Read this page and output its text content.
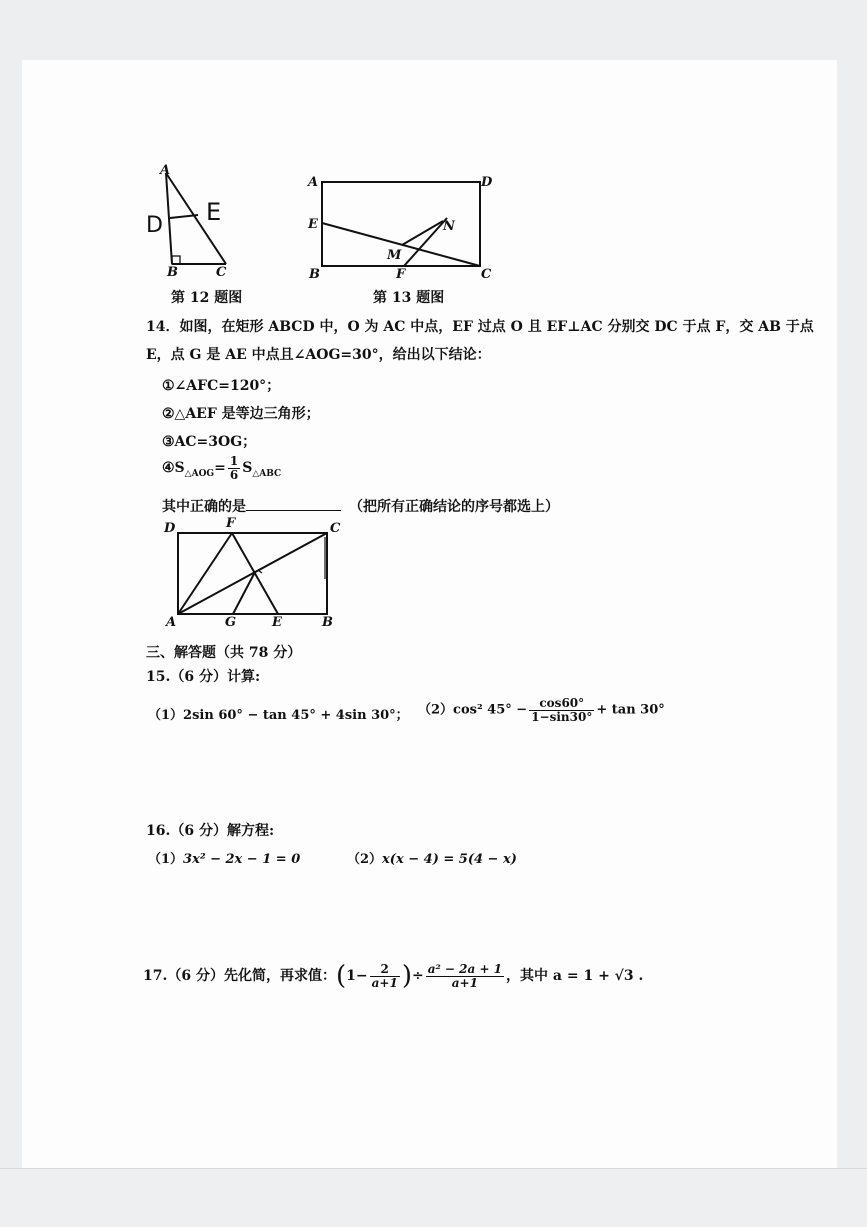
A
B	C
D E
第 12 题图
A	D
E	N
M
B	F	C
第 13 题图
14．如图，在矩形 ABCD 中，O 为 AC 中点，EF 过点 O 且 EF⊥AC 分别交 DC 于点 F，交 AB 于点
E，点 G 是 AE 中点且∠AOG=30°，给出以下结论：
①∠AFC=120°；
②△AEF 是等边三角形；
③AC=3OG；
$④S_{\triangle AOG}= \frac{1}{6} S_{\triangle ABC}$
其中正确的是	（把所有正确结论的序号都选上）
D	F	C
A	G	E	B
三、解答题（共 78 分）
15.（6 分）计算:
（1）2sin 60° − tan 45° + 4sin 30°； （2）cos² $45^\circ - \frac{\cos 60^\circ}{1-\sin 30^\circ} + \tan 30^\circ$
16.（6 分）解方程:
（1）3x² − 2x − 1 = 0	（2）x(x − 4) = 5(4 − x)
17.（6 分）先化简，再求值：($1- \frac{2}{a+1}$ )÷ $\frac{\text{a² − 2a + 1}}{a+1}$ ，其中 a = 1 + √3 .
